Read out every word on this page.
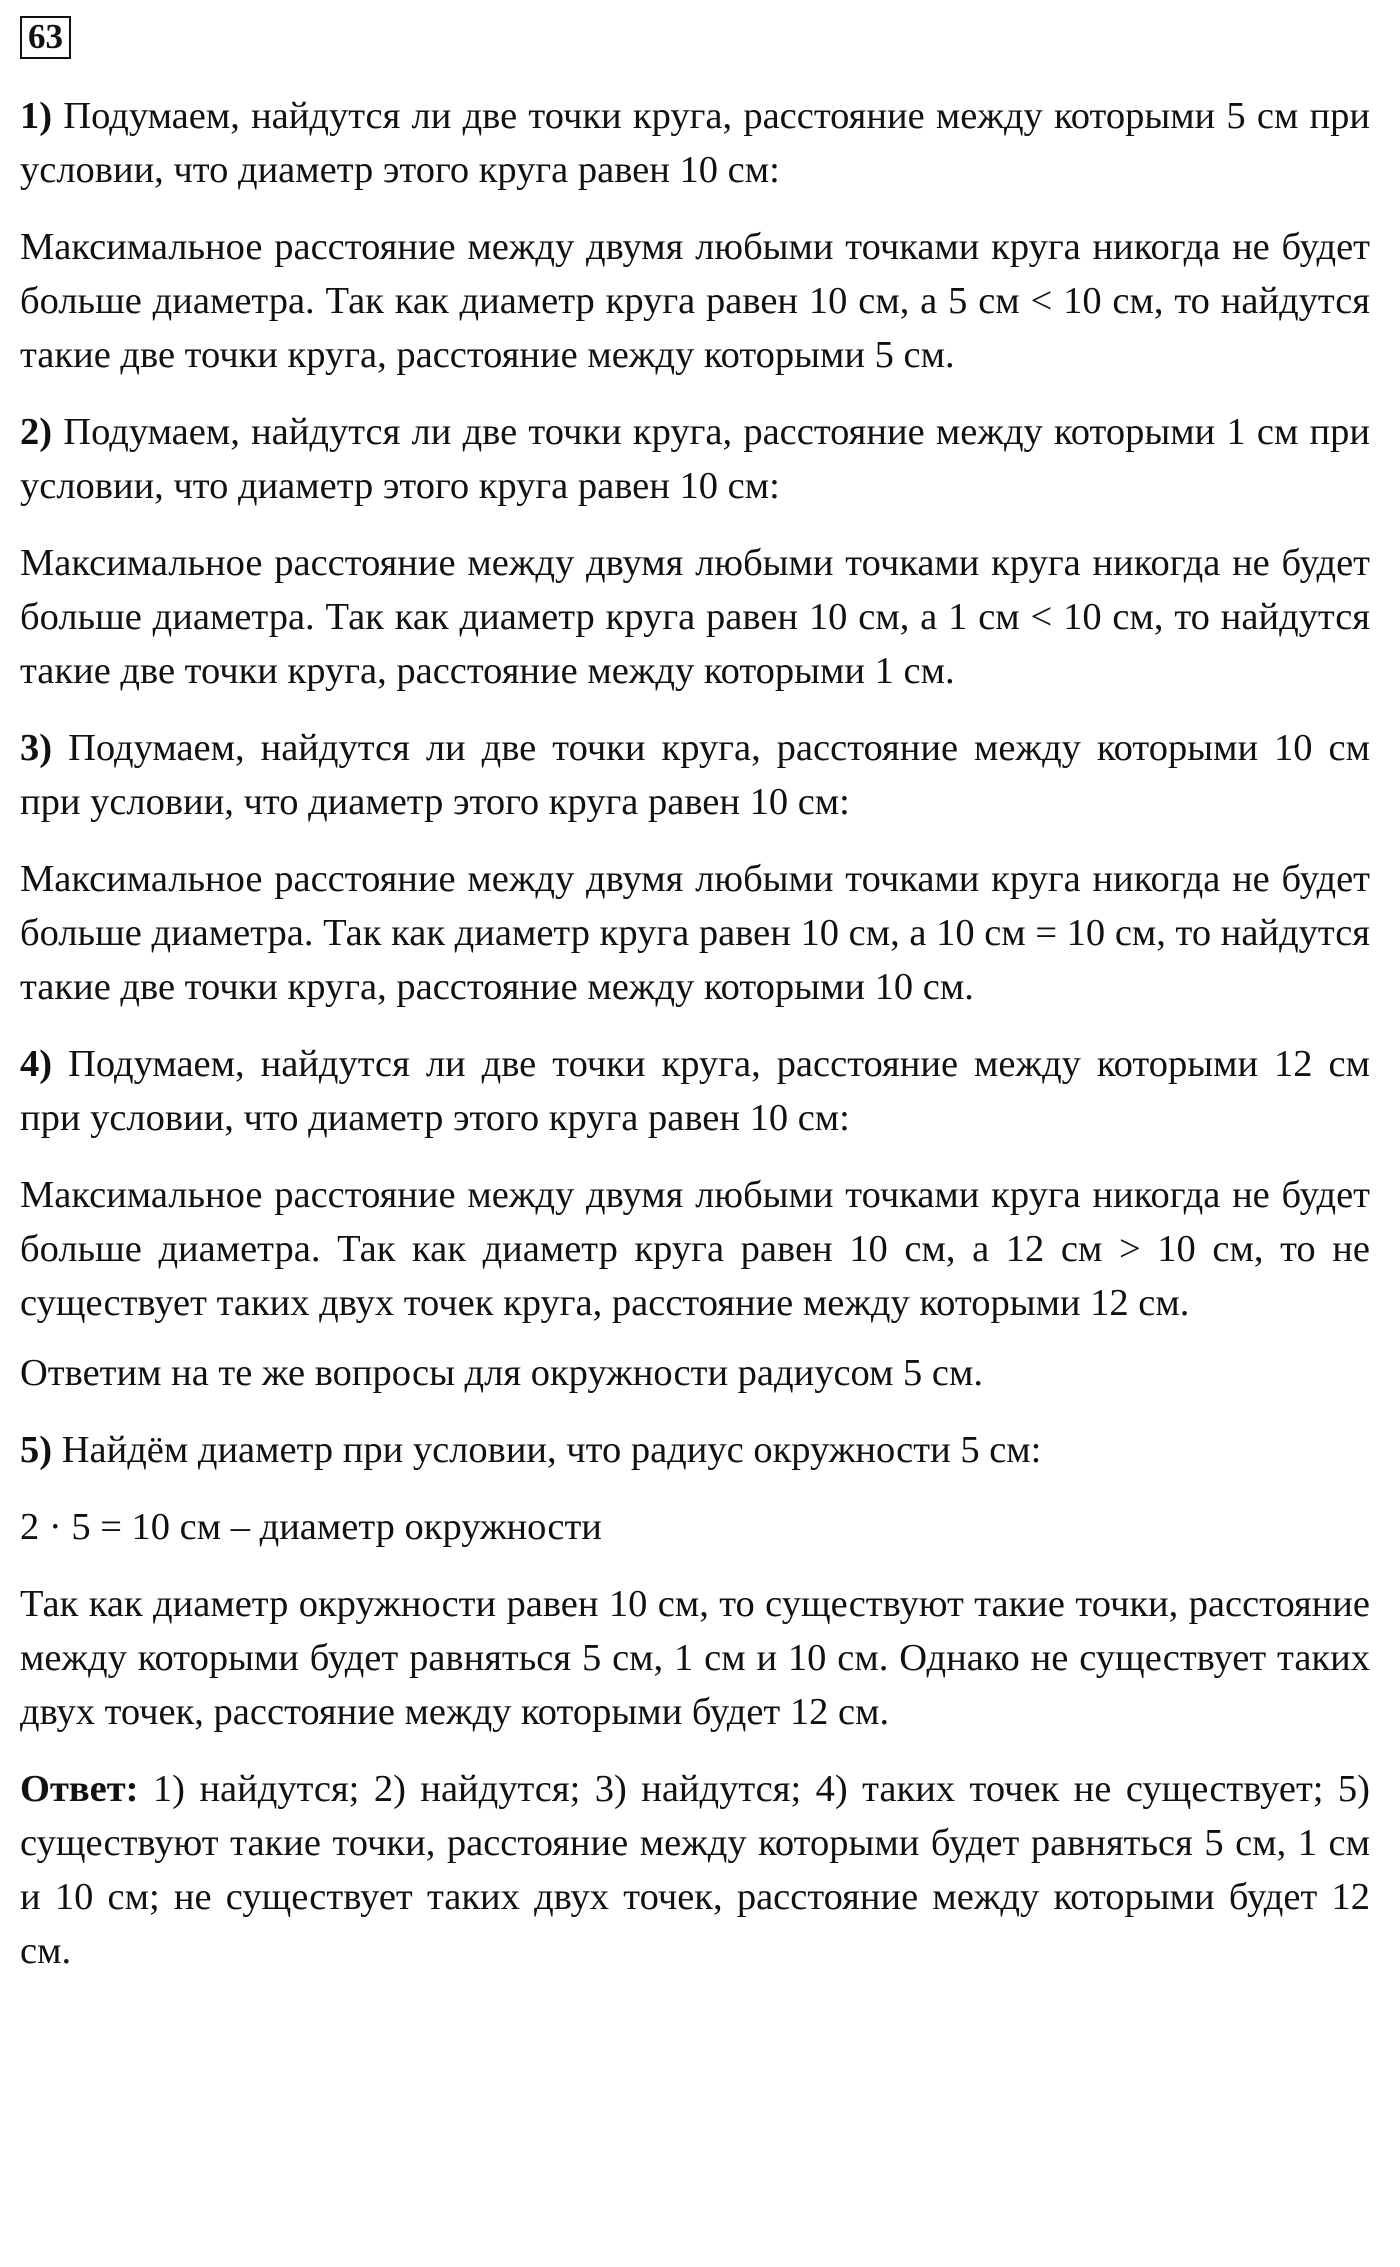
63

1) Подумаем, найдутся ли две точки круга, расстояние между которыми 5 см при условии, что диаметр этого круга равен 10 см:

Максимальное расстояние между двумя любыми точками круга никогда не будет больше диаметра. Так как диаметр круга равен 10 см, а 5 см < 10 см, то найдутся такие две точки круга, расстояние между которыми 5 см.

2) Подумаем, найдутся ли две точки круга, расстояние между которыми 1 см при условии, что диаметр этого круга равен 10 см:

Максимальное расстояние между двумя любыми точками круга никогда не будет больше диаметра. Так как диаметр круга равен 10 см, а 1 см < 10 см, то найдутся такие две точки круга, расстояние между которыми 1 см.

3) Подумаем, найдутся ли две точки круга, расстояние между которыми 10 см при условии, что диаметр этого круга равен 10 см:

Максимальное расстояние между двумя любыми точками круга никогда не будет больше диаметра. Так как диаметр круга равен 10 см, а 10 см = 10 см, то найдутся такие две точки круга, расстояние между которыми 10 см.

4) Подумаем, найдутся ли две точки круга, расстояние между которыми 12 см при условии, что диаметр этого круга равен 10 см:

Максимальное расстояние между двумя любыми точками круга никогда не будет больше диаметра. Так как диаметр круга равен 10 см, а 12 см > 10 см, то не существует таких двух точек круга, расстояние между которыми 12 см.

Ответим на те же вопросы для окружности радиусом 5 см.

5) Найдём диаметр при условии, что радиус окружности 5 см:

2 · 5 = 10 см – диаметр окружности

Так как диаметр окружности равен 10 см, то существуют такие точки, расстояние между которыми будет равняться 5 см, 1 см и 10 см. Однако не существует таких двух точек, расстояние между которыми будет 12 см.

Ответ: 1) найдутся; 2) найдутся; 3) найдутся; 4) таких точек не существует; 5) существуют такие точки, расстояние между которыми будет равняться 5 см, 1 см и 10 см; не существует таких двух точек, расстояние между которыми будет 12 см.
